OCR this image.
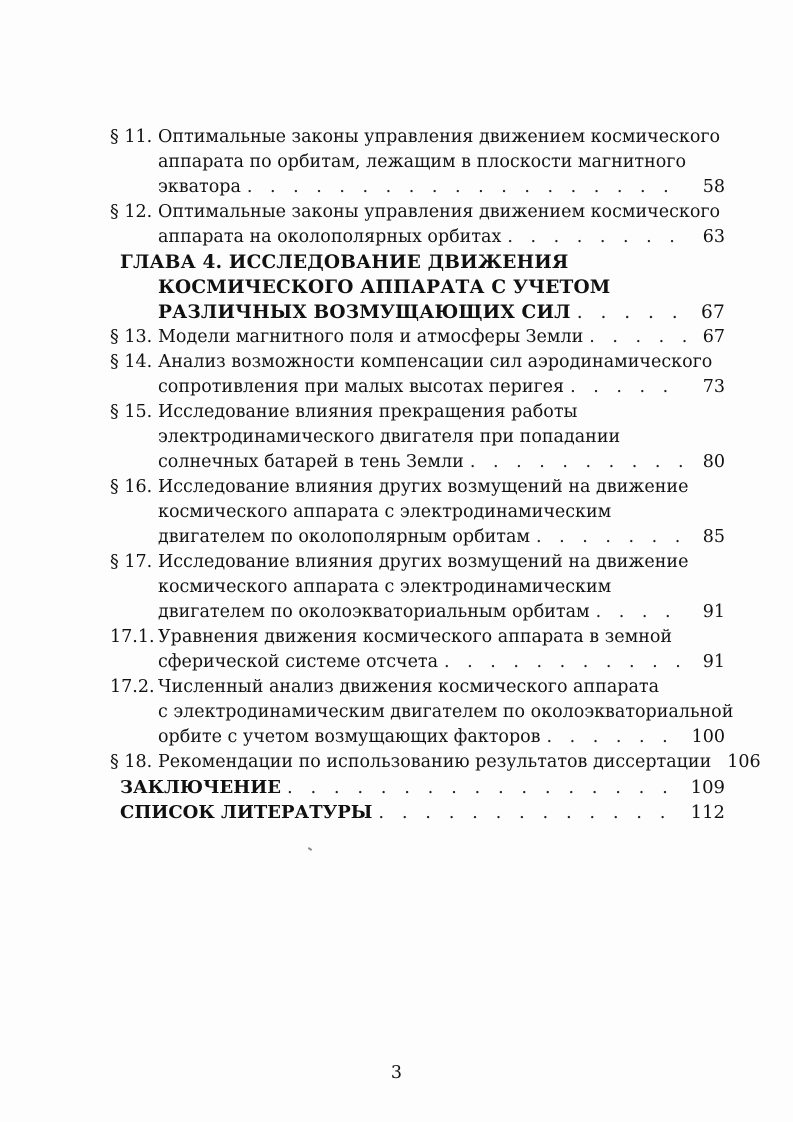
§ 11. Оптимальные законы управления движением космического
аппарата по орбитам, лежащим в плоскости магнитного
экватора . . .	58
§ 12. Оптимальные законы управления движением космического
аппарата на околополярных орбитах . . .	63
ГЛАВА 4. ИССЛЕДОВАНИЕ ДВИЖЕНИЯ
КОСМИЧЕСКОГО АППАРАТА С УЧЕТОМ
РАЗЛИЧНЫХ ВОЗМУЩАЮЩИХ СИЛ . . .	67
§ 13. Модели магнитного поля и атмосферы Земли . . .	67
§ 14. Анализ возможности компенсации сил аэродинамического
сопротивления при малых высотах перигея . . .	73
§ 15. Исследование влияния прекращения работы
электродинамического двигателя при попадании
солнечных батарей в тень Земли . . .	80
§ 16. Исследование влияния других возмущений на движение
космического аппарата с электродинамическим
двигателем по околополярным орбитам . . .	85
§ 17. Исследование влияния других возмущений на движение
космического аппарата с электродинамическим
двигателем по околоэкваториальным орбитам . . .	91
17.1. Уравнения движения космического аппарата в земной
сферической системе отсчета . . .	91
17.2. Численный анализ движения космического аппарата
с электродинамическим двигателем по околоэкваториальной
орбите с учетом возмущающих факторов . . .	100
§ 18. Рекомендации по использованию результатов диссертации 106
ЗАКЛЮЧЕНИЕ . . .	109
СПИСОК ЛИТЕРАТУРЫ . . .	112
3
